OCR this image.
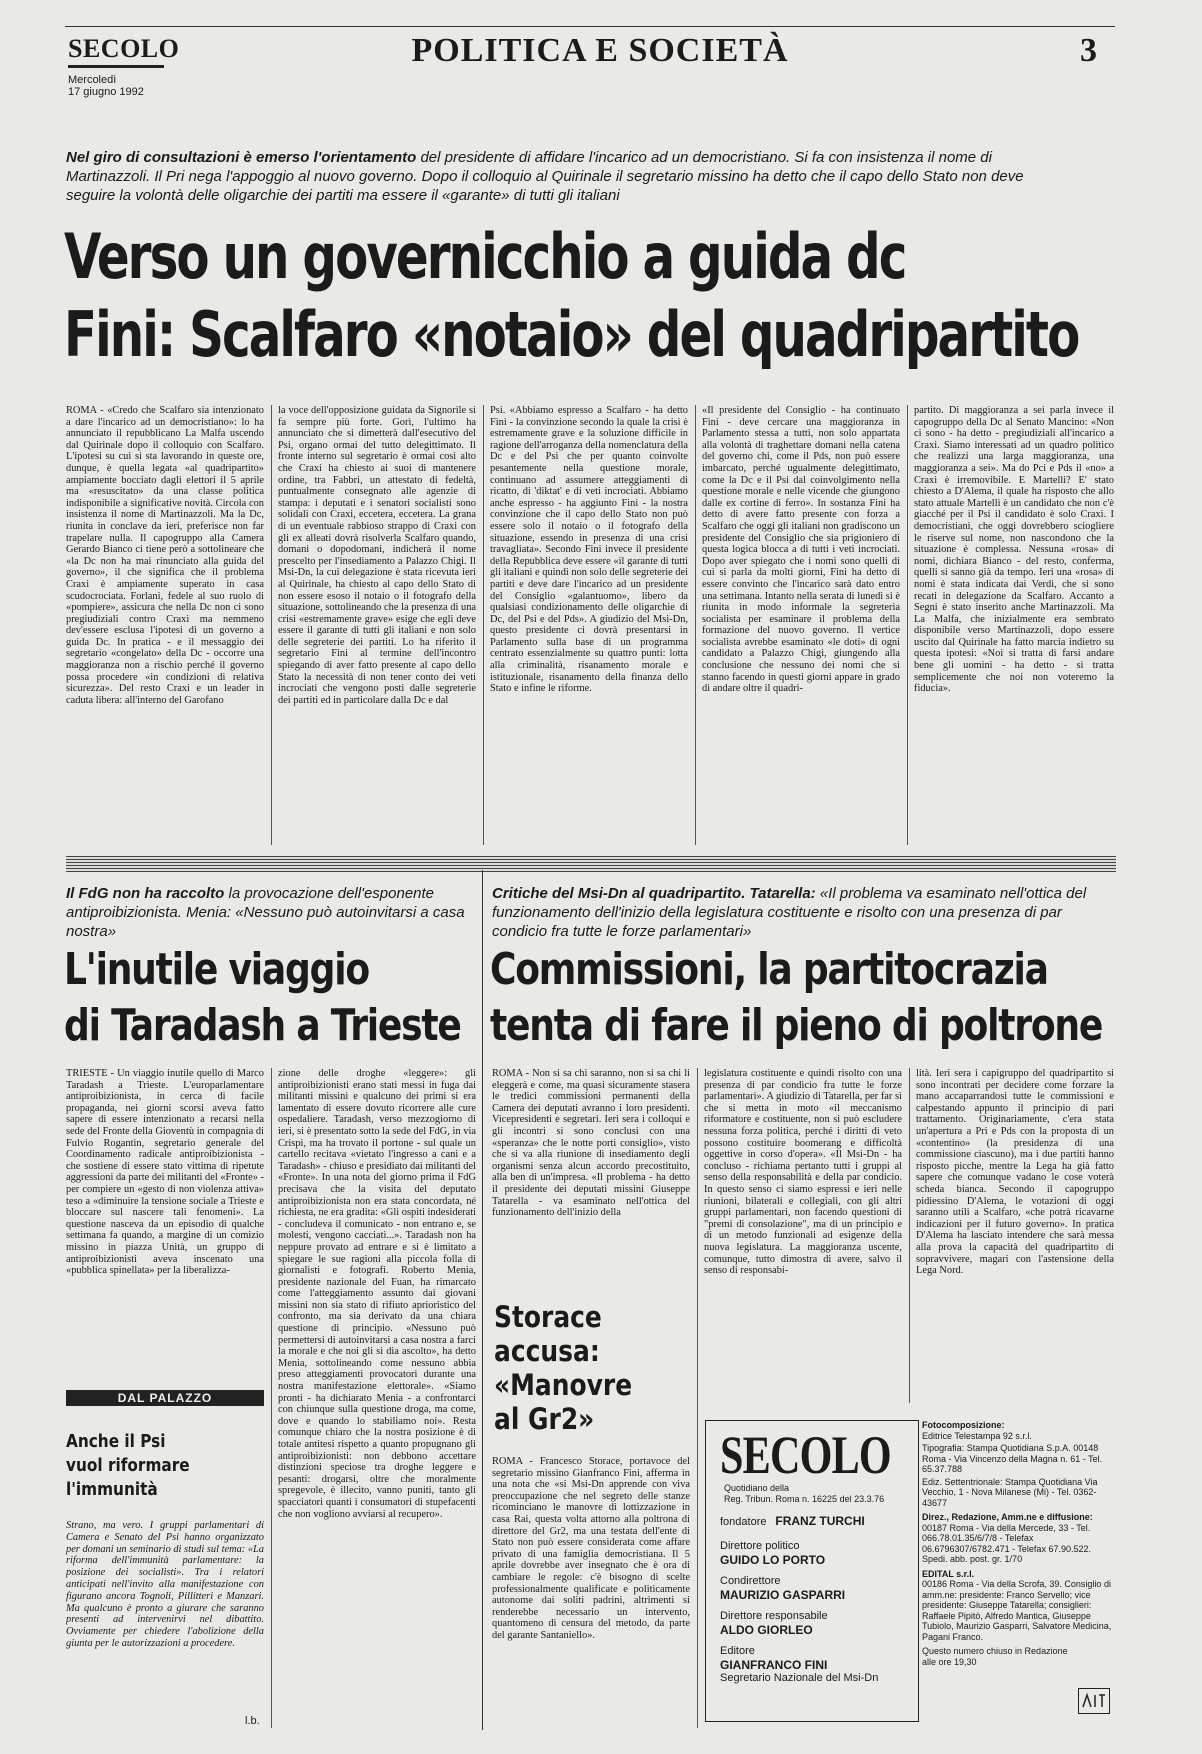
SECOLO
Mercoledì
17 giugno 1992
POLITICA E SOCIETÀ	3
Nel giro di consultazioni è emerso l'orientamento del presidente di affidare l'incarico ad un democristiano. Si fa con insistenza il nome di Martinazzoli. Il Pri nega l'appoggio al nuovo governo. Dopo il colloquio al Quirinale il segretario missino ha detto che il capo dello Stato non deve seguire la volontà delle oligarchie dei partiti ma essere il «garante» di tutti gli italiani
Verso un governicchio a guida dc
Fini: Scalfaro «notaio» del quadripartito
ROMA - «Credo che Scalfaro sia intenzionato a dare l'incarico ad un democristiano»: lo ha annunciato il repubblicano La Malfa uscendo dal Quirinale dopo il colloquio con Scalfaro. L'ipotesi su cui si sta lavorando in queste ore, dunque, è quella legata «al quadripartito» ampiamente bocciato dagli elettori il 5 aprile ma «resuscitato» da una classe politica indisponibile a significative novità. Circola con insistenza il nome di Martinazzoli. Ma la Dc, riunita in conclave da ieri, preferisce non far trapelare nulla. Il capogruppo alla Camera Gerardo Bianco ci tiene però a sottolineare che «la Dc non ha mai rinunciato alla guida del governo», il che significa che il problema Craxi è ampiamente superato in casa scudocrociata. Forlani, fedele al suo ruolo di «pompiere», assicura che nella Dc non ci sono pregiudiziali contro Craxi ma nemmeno dev'essere esclusa l'ipotesi di un governo a guida Dc. In pratica - e il messaggio dei segretario «congelato» della Dc - occorre una maggioranza non a rischio perché il governo possa procedere «in condizioni di relativa sicurezza». Del resto Craxi e un leader in caduta libera: all'interno del Garofano
la voce dell'opposizione guidata da Signorile si fa sempre più forte. Gorì, l'ultimo ha annunciato che si dimetterà dall'esecutivo del Psi, organo ormai del tutto delegittimato. Il fronte interno sul segretario è ormai così alto che Craxi ha chiesto ai suoi di mantenere ordine, tra Fabbri, un attestato di fedeltà, puntualmente consegnato alle agenzie di stampa: i deputati e i senatori socialisti sono solidali con Craxi, eccetera, eccetera. La grana di un eventuale rabbioso strappo di Craxi con gli ex alleati dovrà risolverla Scalfaro quando, domani o dopodomani, indicherà il nome prescelto per l'insediamento a Palazzo Chigi. Il Msi-Dn, la cui delegazione è stata ricevuta ieri al Quirinale, ha chiesto al capo dello Stato di non essere esoso il notaio o il fotografo della situazione, sottolineando che la presenza di una crisi «estremamente grave» esige che egli deve essere il garante di tutti gli italiani e non solo delle segreterie dei partiti. Lo ha riferito il segretario Fini al termine dell'incontro spiegando di aver fatto presente al capo dello Stato la necessità di non tener conto dei veti incrociati che vengono posti dalle segreterie dei partiti ed in particolare dalla Dc e dal
Psi. «Abbiamo espresso a Scalfaro - ha detto Fini - la convinzione secondo la quale la crisi è estremamente grave e la soluzione difficile in ragione dell'arroganza della nomenclatura della Dc e del Psi che per quanto coinvolte pesantemente nella questione morale, continuano ad assumere atteggiamenti di ricatto, di 'diktat' e di veti incrociati. Abbiamo anche espresso - ha aggiunto Fini - la nostra convinzione che il capo dello Stato non può essere solo il notaio o il fotografo della situazione, essendo in presenza di una crisi travagliata». Secondo Fini invece il presidente della Repubblica deve essere «il garante di tutti gli italiani e quindi non solo delle segreterie dei partiti e deve dare l'incarico ad un presidente del Consiglio «galantuomo», libero da qualsiasi condizionamento delle oligarchie di Dc, del Psi e del Pds». A giudizio del Msi-Dn, questo presidente ci dovrà presentarsi in Parlamento sulla base di un programma centrato essenzialmente su quattro punti: lotta alla criminalità, risanamento morale e istituzionale, risanamento della finanza dello Stato e infine le riforme.
«Il presidente del Consiglio - ha continuato Fini - deve cercare una maggioranza in Parlamento stessa a tutti, non solo appartata alla volontà di traghettare domani nella catena del governo chi, come il Pds, non può essere imbarcato, perché ugualmente delegittimato, come la Dc e il Psi dal coinvolgimento nella questione morale e nelle vicende che giungono dalle ex cortine di ferro». In sostanza Fini ha detto di avere fatto presente con forza a Scalfaro che oggi gli italiani non gradiscono un presidente del Consiglio che sia prigioniero di questa logica blocca a di tutti i veti incrociati. Dopo aver spiegato che i nomi sono quelli di cui si parla da molti giorni, Fini ha detto di essere convinto che l'incarico sarà dato entro una settimana. Intanto nella serata di lunedì si è riunita in modo informale la segreteria socialista per esaminare il problema della formazione del nuovo governo. Il vertice socialista avrebbe esaminato «le doti» di ogni candidato a Palazzo Chigi, giungendo alla conclusione che nessuno dei nomi che si stanno facendo in questi giorni appare in grado di andare oltre il quadri-
partito. Di maggioranza a sei parla invece il capogruppo della Dc al Senato Mancino: «Non ci sono - ha detto - pregiudiziali all'incarico a Craxi. Siamo interessati ad un quadro politico che realizzi una larga maggioranza, una maggioranza a sei». Ma do Pci e Pds il «no» a Craxi è irremovibile. E Martelli? E' stato chiesto a D'Alema, il quale ha risposto che allo stato attuale Martelli è un candidato che non c'è giacché per il Psi il candidato è solo Craxi. I democristiani, che oggi dovrebbero sciogliere le riserve sul nome, non nascondono che la situazione è complessa. Nessuna «rosa» di nomi, dichiara Bianco - del resto, conferma, quelli si sanno già da tempo. Ieri una «rosa» di nomi è stata indicata dai Verdi, che si sono recati in delegazione da Scalfaro. Accanto a Segni è stato inserito anche Martinazzoli. Ma La Malfa, che inizialmente era sembrato disponibile verso Martinazzoli, dopo essere uscito dal Quirinale ha fatto marcia indietro su questa ipotesi: «Noi si tratta di farsi andare bene gli uomini - ha detto - si tratta semplicemente che noi non voteremo la fiducia».
Il FdG non ha raccolto la provocazione dell'esponente antiproibizionista. Menia: «Nessuno può autoinvitarsi a casa nostra»
L'inutile viaggio
di Taradash a Trieste
TRIESTE - Un viaggio inutile quello di Marco Taradash a Trieste. L'europarlamentare antiproibizionista, in cerca di facile propaganda, nei giorni scorsi aveva fatto sapere di essere intenzionato a recarsi nella sede del Fronte della Gioventù in compagnia di Fulvio Rogantin, segretario generale del Coordinamento radicale antiproibizionista - che sostiene di essere stato vittima di ripetute aggressioni da parte dei militanti del «Fronte» - per compiere un «gesto di non violenza attiva» teso a «diminuire la tensione sociale a Trieste e bloccare sul nascere tali fenomeni». La questione nasceva da un episodio di qualche settimana fa quando, a margine di un comizio missino in piazza Unità, un gruppo di antiproibizionisti aveva inscenato una «pubblica spinellata» per la liberalizza-
zione delle droghe «leggere»: gli antiproibizionisti erano stati messi in fuga dai militanti missini e qualcuno dei primi si era lamentato di essere dovuto ricorrere alle cure ospedaliere. Taradash, verso mezzogiorno di ieri, si è presentato sotto la sede del FdG, in via Crispi, ma ha trovato il portone - sul quale un cartello recitava «vietato l'ingresso a cani e a Taradash» - chiuso e presidiato dai militanti del «Fronte». In una nota del giorno prima il FdG precisava che la visita del deputato antiproibizionista non era stata concordata, né richiesta, ne era gradita: «Gli ospiti indesiderati - concludeva il comunicato - non entrano e, se molesti, vengono cacciati...». Taradash non ha neppure provato ad entrare e si è limitato a spiegare le sue ragioni alla piccola folla di giornalisti e fotografi. Roberto Menia, presidente nazionale del Fuan, ha rimarcato come l'atteggiamento assunto dai giovani missini non sia stato di rifiuto aprioristico del confronto, ma sia derivato da una chiara questione di principio. «Nessuno può permettersi di autoinvitarsi a casa nostra a farci la morale e che noi gli si dia ascolto», ha detto Menia, sottolineando come nessuno abbia preso atteggiamenti provocatori durante una nostra manifestazione elettorale». «Siamo pronti - ha dichiarato Menia - a confrontarci con chiunque sulla questione droga, ma come, dove e quando lo stabiliamo noi». Resta comunque chiaro che la nostra posizione è di totale antitesi rispetto a quanto propugnano gli antiproibizionisti: non debbono accettare distinzioni speciose tra droghe leggere e pesanti: drogarsi, oltre che moralmente spregevole, è illecito, vanno puniti, tanto gli spacciatori quanti i consumatori di stupefacenti che non vogliono avviarsi al recupero».
DAL PALAZZO
Anche il Psi
vuol riformare
l'immunità
Strano, ma vero. I gruppi parlamentari di Camera e Senato del Psi hanno organizzato per domani un seminario di studi sul tema: «La riforma dell'immunità parlamentare: la posizione dei socialisti». Tra i relatori anticipati nell'invito alla manifestazione con figurano ancora Tognoli, Pillitteri e Manzari. Ma qualcuno è pronto a giurare che saranno presenti ad intervenirvi nel dibattito. Ovviamente per chiedere l'abolizione della giunta per le autorizzazioni a procedere.
l.b.
Critiche del Msi-Dn al quadripartito. Tatarella: «Il problema va esaminato nell'ottica del funzionamento dell'inizio della legislatura costituente e risolto con una presenza di par condicio fra tutte le forze parlamentari»
Commissioni, la partitocrazia
tenta di fare il pieno di poltrone
ROMA - Non si sa chi saranno, non si sa chi li eleggerà e come, ma quasi sicuramente stasera le tredici commissioni permanenti della Camera dei deputati avranno i loro presidenti. Vicepresidenti e segretari. Ieri sera i colloqui e gli incontri si sono conclusi con una «speranza» che le notte porti consiglio», visto che si va alla riunione di insediamento degli organismi senza alcun accordo precostituito, alla ben di un'impresa. «Il problema - ha detto il presidente dei deputati missini Giuseppe Tatarella - va esaminato nell'ottica del funzionamento dell'inizio della
legislatura costituente e quindi risolto con una presenza di par condicio fra tutte le forze parlamentari». A giudizio di Tatarella, per far sì che si metta in moto «il meccanismo riformatore e costituente, non si può escludere nessuna forza politica, perché i diritti di veto possono costituire boomerang e difficoltà oggettive in corso d'opera». «Il Msi-Dn - ha concluso - richiama pertanto tutti i gruppi al senso della responsabilità e della par condicio. In questo senso ci siamo espressi e ieri nelle riunioni, bilaterali e collegiali, con gli altri gruppi parlamentari, non facendo questioni di "premi di consolazione", ma di un principio e di un metodo funzionali ad esigenze della nuova legislatura. La maggioranza uscente, comunque, tutto dimostra di avere, salvo il senso di responsabi-
lità. Ieri sera i capigruppo del quadripartito si sono incontrati per decidere come forzare la mano accaparrandosi tutte le commissioni e calpestando appunto il principio di pari trattamento. Originariamente, c'era stata un'apertura a Pri e Pds con la proposta di un «contentino» (la presidenza di una commissione ciascuno), ma i due partiti hanno risposto picche, mentre la Lega ha già fatto sapere che comunque vadano le cose voterà scheda bianca. Secondo il capogruppo pidiessino D'Alema, le votazioni di oggi saranno utili a Scalfaro, «che potrà ricavarne indicazioni per il futuro governo». In pratica D'Alema ha lasciato intendere che sarà messa alla prova la capacità del quadripartito di sopravvivere, magari con l'astensione della Lega Nord.
Storace
accusa:
«Manovre
al Gr2»
ROMA - Francesco Storace, portavoce del segretario missino Gianfranco Fini, afferma in una nota che «si Msi-Dn apprende con viva preoccupazione che nel segreto delle stanze ricominciano le manovre di lottizzazione in casa Rai, questa volta attorno alla poltrona di direttore del Gr2, ma una testata dell'ente di Stato non può essere considerata come affare privato di una famiglia democristiana. Il 5 aprile dovrebbe aver insegnato che è ora di cambiare le regole: c'è bisogno di scelte professionalmente qualificate e politicamente autonome dai soliti padrini, altrimenti si renderebbe necessario un intervento, quantomeno di censura del metodo, da parte del garante Santaniello».
SECOLO
Quotidiano della
Reg. Tribun. Roma n. 16225 del 23.3.76
fondatore FRANZ TURCHI
Direttore politico
GUIDO LO PORTO
Condirettore
MAURIZIO GASPARRI
Direttore responsabile
ALDO GIORLEO
Editore
GIANFRANCO FINI
Segretario Nazionale del Msi-Dn
Fotocomposizione:
Editrice Telestampa 92 s.r.l.
Tipografia: Stampa Quotidiana S.p.A. 00148 Roma - Via Vincenzo della Magna n. 61 - Tel. 65.37.788
Ediz. Settentrionale: Stampa Quotidiana Via Vecchio, 1 - Nova Milanese (Mi) - Tel. 0362-43677
Direz., Redazione, Amm.ne e diffusione:
00187 Roma - Via della Mercede, 33 - Tel. 066.78.01.35/6/7/8 - Telefax 06.6796307/6782.471 - Telefax 67.90.522. Spedi. abb. post. gr. 1/70
EDITAL s.r.l.
00186 Roma - Via della Scrofa, 39. Consiglio di amm.ne: presidente: Franco Servello; vice presidente: Giuseppe Tatarella; consiglieri: Raffaele Pipitò, Alfredo Mantica, Giuseppe Tubiolo, Maurizio Gasparri, Salvatore Medicina, Pagani Franco.
Questo numero chiuso in Redazione alle ore 19,30
